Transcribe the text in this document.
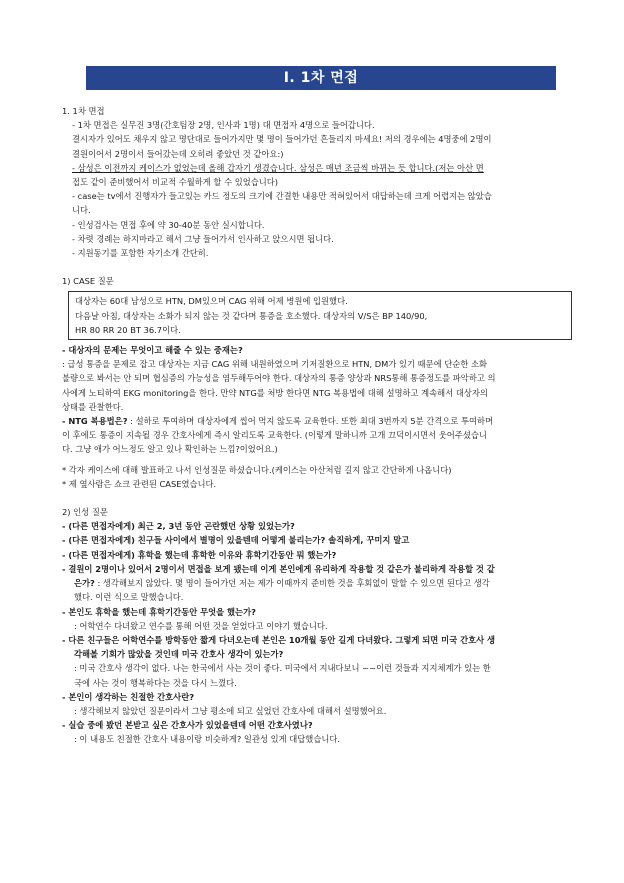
Ⅰ. 1차 면접

1. 1차 면접

- 1차 면접은 실무진 3명(간호팀장 2명, 인사과 1명) 대 면접자 4명으로 들어갑니다.

결시자가 있어도 채우지 않고 명단대로 들어가지만 몇 명이 들어가던 흔들리지 마세요! 저의 경우에는 4명중에 2명이

결원이어서 2명이서 들어갔는데 오히려 좋았던 것 같아요:)

- 삼성은 이전까지 케이스가 없었는데 올해 갑자기 생겼습니다. 삼성은 매년 조금씩 바뀌는 듯 합니다.(저는 아산 면

접도 같이 준비했어서 비교적 수월하게 할 수 있었습니다)

- case는 tv에서 진행자가 들고있는 카드 정도의 크기에 간결한 내용만 적혀있어서 대답하는데 크게 어렵지는 않았습

니다.

- 인성검사는 면접 후에 약 30-40분 동안 실시합니다.

- 차렷 경례는 하지마라고 해서 그냥 들어가서 인사하고 앉으시면 됩니다.

- 지원동기를 포함한 자기소개 간단히.

1) CASE 질문

대상자는 60대 남성으로 HTN, DM있으며 CAG 위해 어제 병원에 입원했다.

다음날 아침, 대상자는 소화가 되지 않는 것 같다며 통증을 호소했다. 대상자의 V/S은 BP 140/90,

HR 80 RR 20 BT 36.7이다.

- 대상자의 문제는 무엇이고 해줄 수 있는 중재는?

: 급성 통증을 문제로 잡고 대상자는 지금 CAG 위해 내원하였으며 기저질환으로 HTN, DM가 있기 때문에 단순한 소화

불량으로 봐서는 안 되며 협심증의 가능성을 염두해두어야 한다. 대상자의 통증 양상과 NRS통해 통증정도를 파악하고 의

사에게 노티하여 EKG monitoring을 한다. 만약 NTG를 처방 한다면 NTG 복용법에 대해 설명하고 계속해서 대상자의

상태를 관찰한다.

- NTG 복용법은? : 설하로 투여하며 대상자에게 씹어 먹지 않도록 교육한다. 또한 최대 3번까지 5분 간격으로 투여하며

이 후에도 통증이 지속될 경우 간호사에게 즉시 알리도록 교육한다. (이렇게 말하니까 고개 끄덕이시면서 웃어주셨습니

다. 그냥 애가 어느정도 알고 있나 확인하는 느낌?이었어요.)

* 각자 케이스에 대해 발표하고 나서 인성질문 하셨습니다.(케이스는 아산처럼 길지 않고 간단하게 나옵니다)

* 제 옆사람은 쇼크 관련된 CASE였습니다.

2) 인성 질문

- (다른 면접자에게) 최근 2, 3년 동안 곤란했던 상황 있었는가?

- (다른 면접자에게) 친구들 사이에서 별명이 있을텐데 어떻게 불리는가? 솔직하게, 꾸미지 말고

- (다른 면접자에게) 휴학을 했는데 휴학한 이유와 휴학기간동안 뭐 했는가?

- 결원이 2명이나 있어서 2명이서 면접을 보게 됐는데 이게 본인에게 유리하게 작용할 것 같은가 불리하게 작용할 것 같

은가? : 생각해보지 않았다. 몇 명이 들어가던 저는 제가 이때까지 준비한 것을 후회없이 말할 수 있으면 된다고 생각

했다. 이런 식으로 말했습니다.

- 본인도 휴학을 했는데 휴학기간동안 무엇을 했는가?

: 어학연수 다녀왔고 연수를 통해 어떤 것을 얻었다고 이야기 했습니다.

- 다른 친구들은 어학연수를 방학동안 짧게 다녀오는데 본인은 10개월 동안 길게 다녀왔다. 그렇게 되면 미국 간호사 생

각해볼 기회가 많았을 것인데 미국 간호사 생각이 있는가?

: 미국 간호사 생각이 없다. 나는 한국에서 사는 것이 좋다. 미국에서 지내다보니 ~~이런 것들과 지지체계가 있는 한

국에 사는 것이 행복하다는 것을 다시 느꼈다.

- 본인이 생각하는 친절한 간호사란?

: 생각해보지 않았던 질문이라서 그냥 평소에 되고 싶었던 간호사에 대해서 설명했어요.

- 실습 중에 봤던 본받고 싶은 간호사가 있었을텐데 어떤 간호사였나?

: 이 내용도 친절한 간호사 내용이랑 비슷하게? 일관성 있게 대답했습니다.
